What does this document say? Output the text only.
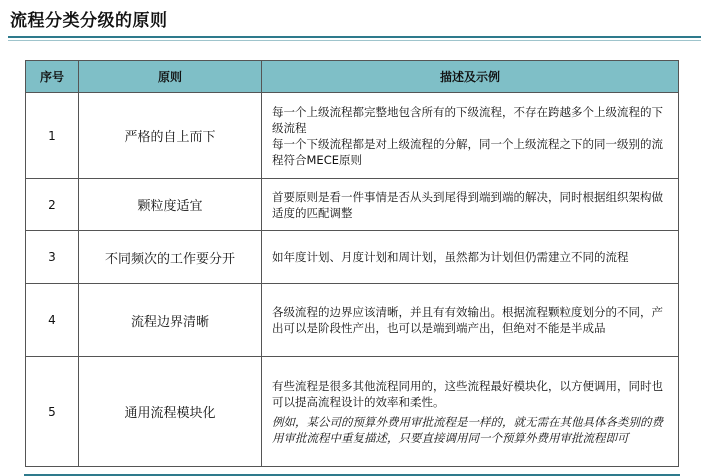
流程分类分级的原则
序号	原则	描述及示例
1	严格的自上而下	每一个上级流程都完整地包含所有的下级流程，不存在跨越多个上级流程的下级流程
每一个下级流程都是对上级流程的分解，同一个上级流程之下的同一级别的流程符合MECE原则
2	颗粒度适宜	首要原则是看一件事情是否从头到尾得到端到端的解决，同时根据组织架构做适度的匹配调整
3	不同频次的工作要分开	如年度计划、月度计划和周计划，虽然都为计划但仍需建立不同的流程
4	流程边界清晰	各级流程的边界应该清晰，并且有有效输出。根据流程颗粒度划分的不同，产出可以是阶段性产出，也可以是端到端产出，但绝对不能是半成品
5	通用流程模块化	有些流程是很多其他流程同用的，这些流程最好模块化，以方便调用，同时也可以提高流程设计的效率和柔性。
例如，某公司的预算外费用审批流程是一样的，就无需在其他具体各类别的费用审批流程中重复描述，只要直接调用同一个预算外费用审批流程即可
